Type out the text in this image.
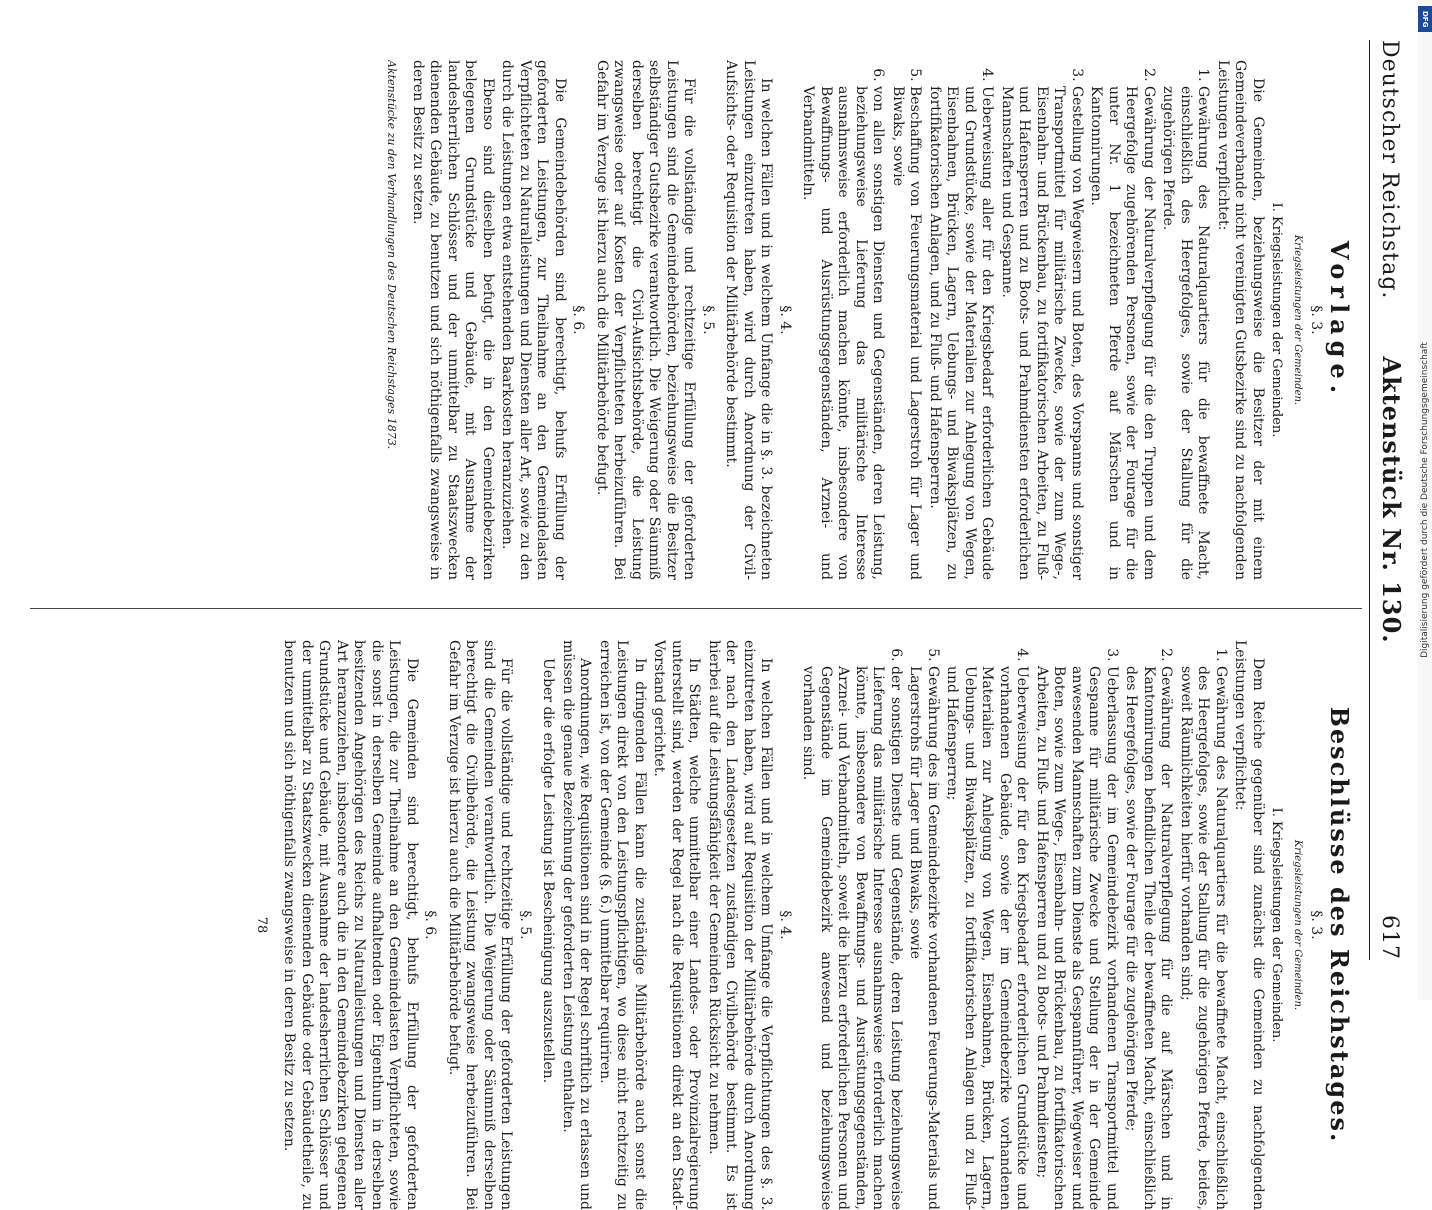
Deutscher Reichstag.
Aktenstück Nr. 130.
617
Vorlage.
§. 3.
Kriegsleistungen der Gemeinden.
I. Kriegsleistungen der Gemeinden.

Die Gemeinden, beziehungsweise die Besitzer der mit einem Gemeindeverbande nicht vereinigten Gutsbezirke sind zu nachfolgenden Leistungen verpflichtet:

1. Gewährung des Naturalquartiers für die bewaffnete Macht, einschließlich des Heergefolges, sowie der Stallung für die zugehörigen Pferde.
2. Gewährung der Naturalverpflegung für die den Truppen und dem Heergefolge zugehörenden Personen, sowie der Fourage für die unter Nr. 1 bezeichneten Pferde auf Märschen und in Kantonnirungen.
3. Gestellung von Wegweisern und Boten, des Vorspanns und sonstiger Transportmittel für militärische Zwecke, sowie der zum Wege-, Eisenbahn- und Brückenbau, zu fortifikatorischen Arbeiten, zu Fluß- und Hafensperren und zu Boots- und Prahmdiensten erforderlichen Mannschaften und Gespanne.
4. Ueberweisung aller für den Kriegsbedarf erforderlichen Gebäude und Grundstücke, sowie der Materialien zur Anlegung von Wegen, Eisenbahnen, Brücken, Lagern, Uebungs- und Biwaksplätzen, zu fortifikatorischen Anlagen, und zu Fluß- und Hafensperren.
5. Beschaffung von Feuerungsmaterial und Lagerstroh für Lager und Biwaks, sowie
6. von allen sonstigen Diensten und Gegenständen, deren Leistung, beziehungsweise Lieferung das militärische Interesse ausnahmsweise erforderlich machen könnte, insbesondere von Bewaffnungs- und Ausrüstungsgegenständen, Arznei- und Verbandmitteln.
§. 4.

In welchen Fällen und in welchem Umfange die in §. 3. bezeichneten Leistungen einzutreten haben, wird durch Anordnung der Civil-Aufsichts- oder Requisition der Militärbehörde bestimmt.

§. 5.

Für die vollständige und rechtzeitige Erfüllung der geforderten Leistungen sind die Gemeindebehörden, beziehungsweise die Besitzer selbständiger Gutsbezirke verantwortlich. Die Weigerung oder Säumniß derselben berechtigt die Civil-Aufsichtsbehörde, die Leistung zwangsweise oder auf Kosten der Verpflichteten herbeizuführen. Bei Gefahr im Verzuge ist hierzu auch die Militärbehörde befugt.

§. 6.

Die Gemeindebehörden sind berechtigt, behufs Erfüllung der geforderten Leistungen, zur Theilnahme an den Gemeindelasten Verpflichteten zu Naturalleistungen und Diensten aller Art, sowie zu den durch die Leistungen etwa entstehenden Baarkosten heranzuziehen.

Ebenso sind dieselben befugt, die in den Gemeindebezirken belegenen Grundstücke und Gebäude, mit Ausnahme der landesherrlichen Schlösser und der unmittelbar zu Staatszwecken dienenden Gebäude, zu benutzen und sich nöthigenfalls zwangsweise in deren Besitz zu setzen.

Aktenstücke zu den Verhandlungen des Deutschen Reichstages 1873.

Beschlüsse des Reichstages.
§. 3.
Kriegsleistungen der Gemeinden.
I. Kriegsleistungen der Gemeinden.

Dem Reiche gegenüber sind zunächst die Gemeinden zu nachfolgenden Leistungen verpflichtet:

1. Gewährung des Naturalquartiers für die bewaffnete Macht, einschließlich des Heergefolges, sowie der Stallung für die zugehörigen Pferde, beides, soweit Räumlichkeiten hierfür vorhanden sind;
2. Gewährung der Naturalverpflegung für die auf Märschen und in Kantonnirungen befindlichen Theile der bewaffneten Macht, einschließlich des Heergefolges, sowie der Fourage für die zugehörigen Pferde;
3. Ueberlassung der im Gemeindebezirk vorhandenen Transportmittel und Gespanne für militärische Zwecke und Stellung der in der Gemeinde anwesenden Mannschaften zum Dienste als Gespannführer, Wegweiser und Boten, sowie zum Wege-, Eisenbahn- und Brückenbau, zu fortifikatorischen Arbeiten, zu Fluß- und Hafensperren und zu Boots- und Prahmdiensten;
4. Ueberweisung der für den Kriegsbedarf erforderlichen Grundstücke und vorhandenen Gebäude, sowie der im Gemeindebezirke vorhandenen Materialien zur Anlegung von Wegen, Eisenbahnen, Brücken, Lagern, Uebungs- und Biwaksplätzen, zu fortifikatorischen Anlagen und zu Fluß- und Hafensperren;
5. Gewährung des im Gemeindebezirke vorhandenen Feuerungs-Materials und Lagerstrohs für Lager und Biwaks, sowie
6. der sonstigen Dienste und Gegenstände, deren Leistung beziehungsweise Lieferung das militärische Interesse ausnahmsweise erforderlich machen könnte, insbesondere von Bewaffnungs- und Ausrüstungsgegenständen, Arznei- und Verbandmitteln, soweit die hierzu erforderlichen Personen und Gegenstände im Gemeindebezirk anwesend und beziehungsweise vorhanden sind.
§. 4.

In welchen Fällen und in welchem Umfange die Verpflichtungen des §. 3. einzutreten haben, wird auf Requisition der Militärbehörde durch Anordnung der nach den Landesgesetzen zuständigen Civilbehörde bestimmt. Es ist hierbei auf die Leistungsfähigkeit der Gemeinden Rücksicht zu nehmen.

In Städten, welche unmittelbar einer Landes- oder Provinzialregierung unterstellt sind, werden der Regel nach die Requisitionen direkt an den Stadt-Vorstand gerichtet.

In dringenden Fällen kann die zuständige Militärbehörde auch sonst die Leistungen direkt von den Leistungspflichtigen, wo diese nicht rechtzeitig zu erreichen ist, von der Gemeinde (§. 6.) unmittelbar requiriren.

Anordnungen, wie Requisitionen sind in der Regel schriftlich zu erlassen und müssen die genaue Bezeichnung der geforderten Leistung enthalten.

Ueber die erfolgte Leistung ist Bescheinigung auszustellen.

§. 5.

Für die vollständige und rechtzeitige Erfüllung der geforderten Leistungen sind die Gemeinden verantwortlich. Die Weigerung oder Säumniß derselben berechtigt die Civilbehörde, die Leistung zwangsweise herbeizuführen. Bei Gefahr im Verzuge ist hierzu auch die Militärbehörde befugt.

§. 6.

Die Gemeinden sind berechtigt, behufs Erfüllung der geforderten Leistungen, die zur Theilnahme an den Gemeindelasten Verpflichteten, sowie die sonst in derselben Gemeinde aufhaltenden oder Eigenthum in derselben besitzenden Angehörigen des Reichs zu Naturalleistungen und Diensten aller Art heranzuziehen, insbesondere auch die in den Gemeindebezirken gelegenen Grundstücke und Gebäude, mit Ausnahme der landesherrlichen Schlösser und der unmittelbar zu Staatszwecken dienenden Gebäude oder Gebäudetheile, zu benutzen und sich nöthigenfalls zwangsweise in deren Besitz zu setzen.

78
Digitalisierung gefördert durch die Deutsche Forschungsgemeinschaft
DFG
